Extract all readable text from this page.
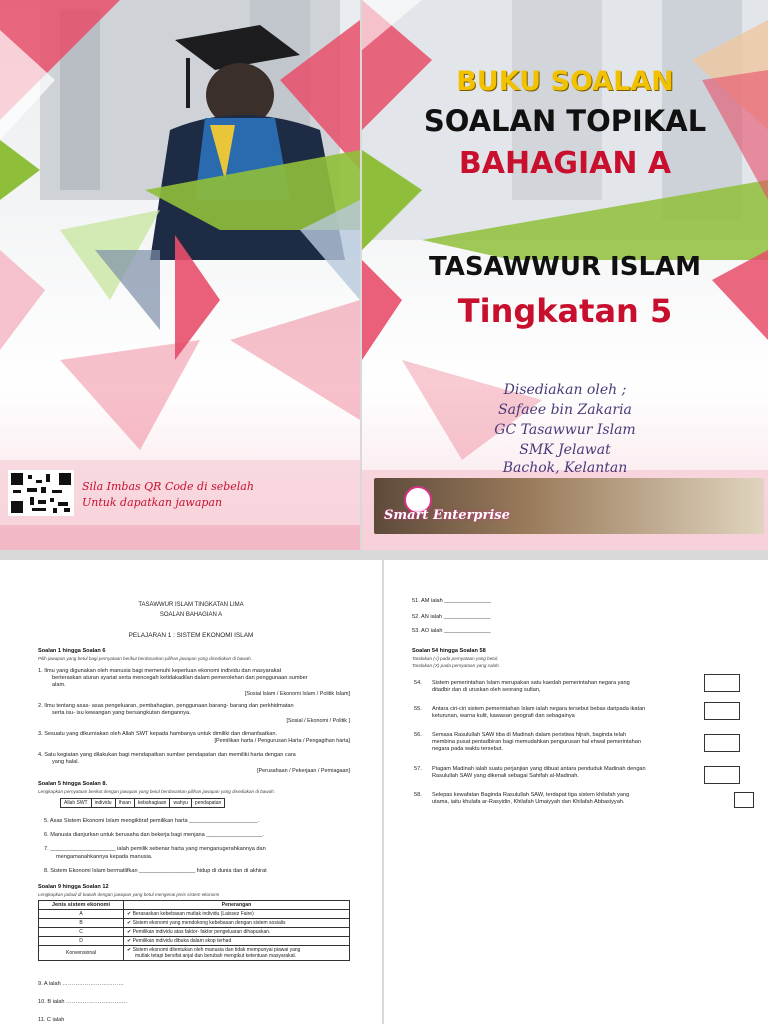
Sila Imbas QR Code di sebelah
Untuk dapatkan jawapan
BUKU SOALAN
SOALAN TOPIKAL
BAHAGIAN A
TASAWWUR ISLAM
Tingkatan 5
Disediakan oleh ;
Safaee bin Zakaria
GC Tasawwur Islam
SMK Jelawat
Bachok, Kelantan
Smart Enterprise
TASAWWUR ISLAM TINGKATAN LIMA
SOALAN BAHAGIAN A
PELAJARAN 1 : SISTEM EKONOMI ISLAM
Soalan 1 hingga Soalan 6
Pilih jawapan yang betul bagi pernyataan berikut berdasarkan pilihan jawapan yang disediakan di bawah.
1. Ilmu yang digunakan oleh manusia bagi memenuhi keperluan ekonomi individu dan masyarakat
berteraskan aturan syariat serta mencegah ketidakadilan dalam pemerolehan dan penggunaan sumber
alam.
[Sosial Islam / Ekonomi Islam / Politik Islam]
2. Ilmu tentang asas- asas pengeluaran, pembahagian, penggunaan barang- barang dan perkhidmatan
serta isu- isu kewangan yang bersangkutan dengannya.
[Sosial / Ekonomi / Politik ]
3. Sesuatu yang dikurniakan oleh Allah SWT kepada hambanya untuk dimiliki dan dimanfaatkan.
[Pemilikan harta / Pengurusan Harta / Pengagihan harta]
4. Satu kegiatan yang dilakukan bagi mendapatkan sumber pendapatan dan memiliki harta dengan cara
yang halal.
[Perusahaan / Pekerjaan / Perniagaan]
Soalan 5 hingga Soalan 8.
Lengkapkan pernyataan berikut dengan jawapan yang betul berdasarkan pilihan jawapan yang disediakan di bawah.
Allah SWT	individu	Ihsan	kebahagiaan	wahyu	pendapatan
5. Asas Sistem Ekonomi Islam mengiktiraf pemilikan harta ______________________.
6. Manusia dianjurkan untuk berusaha dan bekerja bagi menjana __________________.
7. _____________________ ialah pemilik sebenar harta yang menganugerahkannya dan
mengamanahkannya kepada manusia.
8. Sistem Ekonomi Islam bermatlifkan __________________ hidup di dunia dan di akhirat
Soalan 9 hingga Soalan 12
Lengkapkan jadual di bawah dengan jawapan yang betul mengenai jenis sistem ekonomi
Jenis sistem ekonomi	Penerangan
A	✔ Berasaskan kebebasan mutlak individu (Laissez Faire)
B	✔ Sistem ekonomi yang mendokong kebebasan dengan sistem sosialis
C	✔ Pemilikan individu atas faktor- faktor pengeluaran dihapuskan.
D	✔ Pemilikan individu dibuka dalam skop terhad
Konvensional	✔ Sistem ekonomi ditentukan oleh manusia dan tidak mempunyai piawai yang
mutlak tetapi bersifat anjal dan berubah mengikut ketentuan masyarakat.
9. A ialah ……………………………
10. B ialah ……………………………
11. C ialah
51. AM ialah _______________
52. AN ialah _______________
53. AO ialah _______________
Soalan 54 hingga Soalan 58
Tandakan (√) pada pernyataan yang betul.
Tandakan (X) pada pernyataan yang salah.
54. Sistem pemerintahan Islam merupakan satu kaedah pemerintahan negara yang
ditadbir dan di uruskan oleh seorang sultan,
55. Antara ciri-ciri sistem pemerintahan Islam ialah negara tersebut bebas daripada ikatan
keturunan, warna kulit, kawasan geografi dan sebagainya
56. Semasa Rasulullah SAW tiba di Madinah dalam peristiwa hijrah, baginda telah
membina pusat pentadbiran bagi memudahkan pengurusan hal ehwal pemerintahan
negara pada waktu tersebut.
57. Piagam Madinah ialah suatu perjanjian yang dibuat antara penduduk Madinah dengan
Rasulullah SAW yang dikenali sebagai Sahifah al-Madinah.
58. Selepas kewafatan Baginda Rasulullah SAW, terdapat tiga sistem khilafah yang
utama, iaitu khulafa ar-Rasyidin, Khilafah Umaiyyah dan Khilafah Abbasiyyah.
